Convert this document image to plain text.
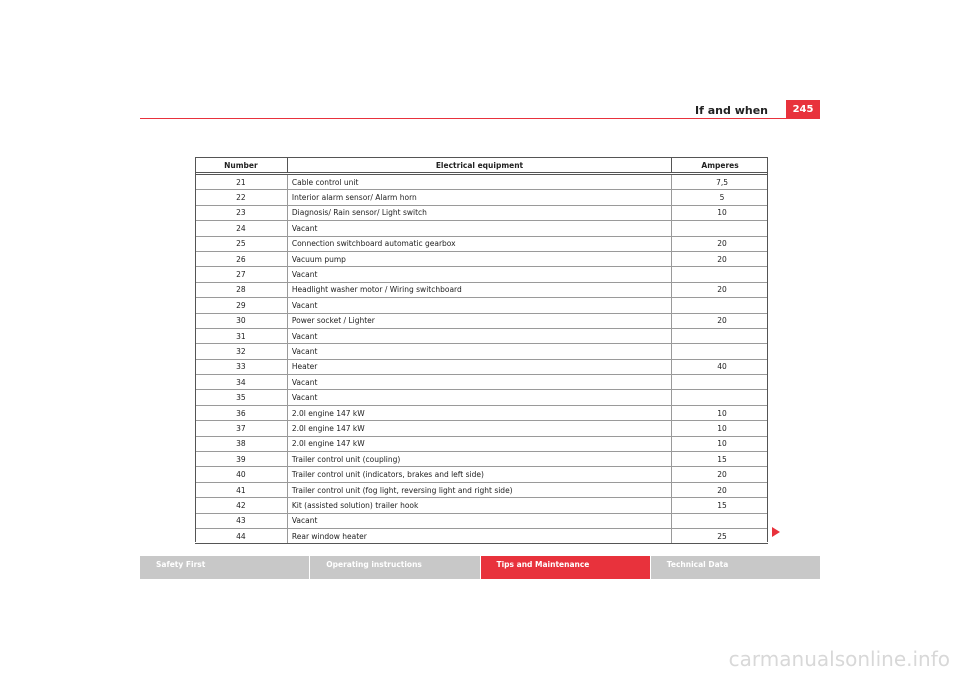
If and when	245
Number	Electrical equipment	Amperes
21	Cable control unit	7,5
22	Interior alarm sensor/ Alarm horn	5
23	Diagnosis/ Rain sensor/ Light switch	10
24	Vacant	
25	Connection switchboard automatic gearbox	20
26	Vacuum pump	20
27	Vacant	
28	Headlight washer motor / Wiring switchboard	20
29	Vacant	
30	Power socket / Lighter	20
31	Vacant	
32	Vacant	
33	Heater	40
34	Vacant	
35	Vacant	
36	2.0l engine 147 kW	10
37	2.0l engine 147 kW	10
38	2.0l engine 147 kW	10
39	Trailer control unit (coupling)	15
40	Trailer control unit (indicators, brakes and left side)	20
41	Trailer control unit (fog light, reversing light and right side)	20
42	Kit (assisted solution) trailer hook	15
43	Vacant	
44	Rear window heater	25
Safety First	Operating instructions	Tips and Maintenance	Technical Data
carmanualsonline.info
